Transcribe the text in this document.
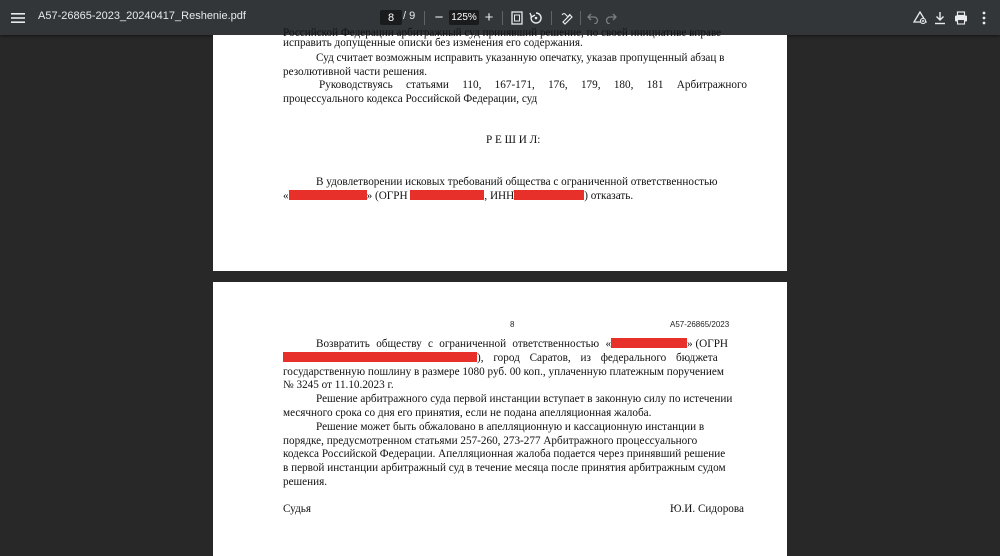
A57-26865-2023_20240417_Reshenie.pdf	8 /
9 − 125% +
Российской Федерации арбитражный суд принявший решение, по своей инициативе вправе
исправить допущенные описки без изменения его содержания.
Суд считает возможным исправить указанную опечатку, указав пропущенный абзац в
резолютивной части решения.
Руководствуясь статьями 110, 167-171, 176, 179, 180, 181 Арбитражного
процессуального кодекса Российской Федерации, суд
Р Е Ш И Л:
В удовлетворении исковых требований общества с ограниченной ответственностью
«	» (ОГРН	, ИНН	) отказать.
8	А57-26865/2023
Возвратить обществу с ограниченной ответственностью «	» (ОГРН
), город Саратов, из федерального бюджета
государственную пошлину в размере 1080 руб. 00 коп., уплаченную платежным поручением
№ 3245 от 11.10.2023 г.
Решение арбитражного суда первой инстанции вступает в законную силу по истечении
месячного срока со дня его принятия, если не подана апелляционная жалоба.
Решение может быть обжаловано в апелляционную и кассационную инстанции в
порядке, предусмотренном статьями 257-260, 273-277 Арбитражного процессуального
кодекса Российской Федерации. Апелляционная жалоба подается через принявший решение
в первой инстанции арбитражный суд в течение месяца после принятия арбитражным судом
решения.
Судья	Ю.И. Сидорова
